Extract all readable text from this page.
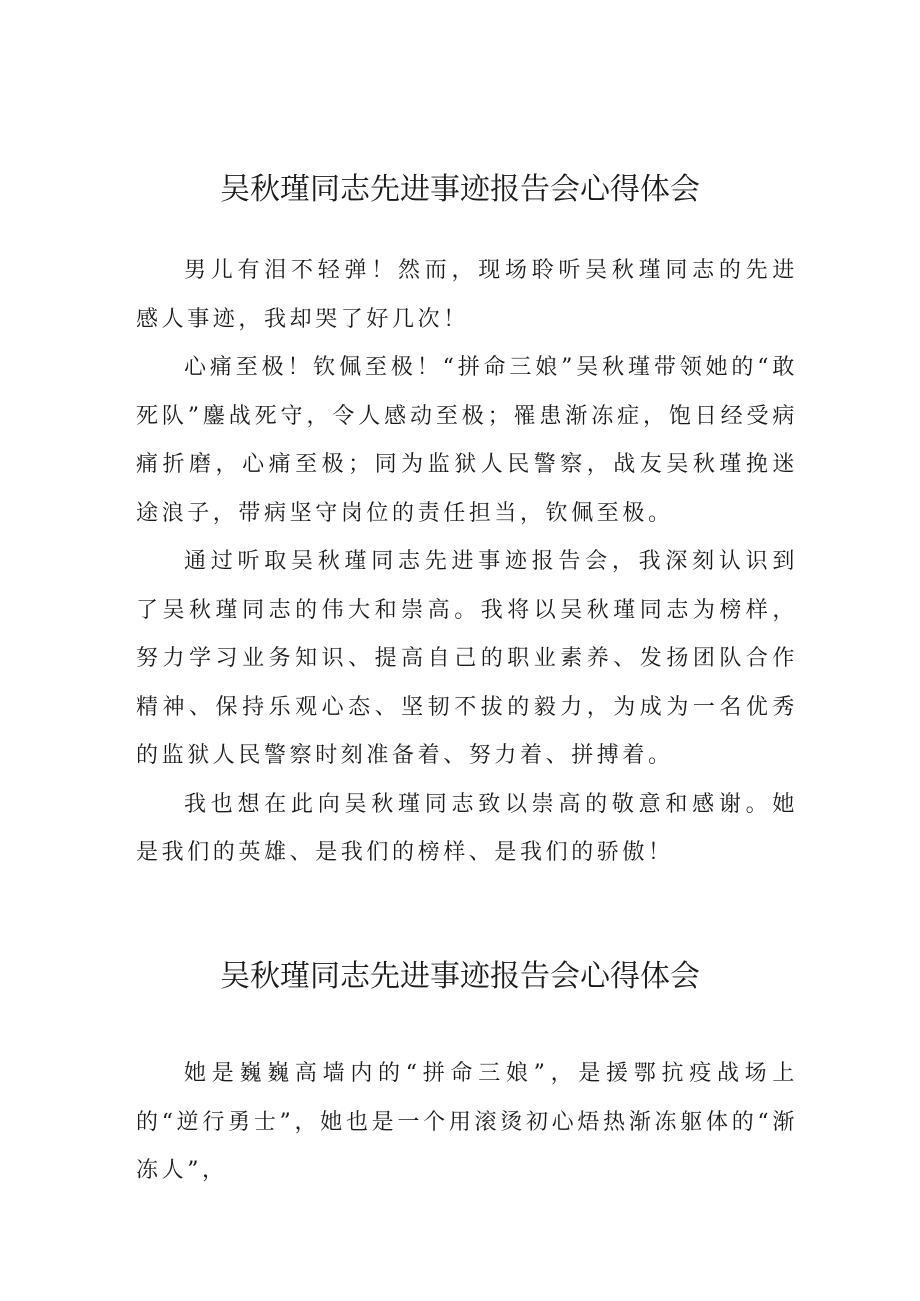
吴秋瑾同志先进事迹报告会心得体会

男儿有泪不轻弹！然而，现场聆听吴秋瑾同志的先进感人事迹，我却哭了好几次！

心痛至极！钦佩至极！“拼命三娘”吴秋瑾带领她的“敢死队”鏖战死守，令人感动至极；罹患渐冻症，饱日经受病痛折磨，心痛至极；同为监狱人民警察，战友吴秋瑾挽迷途浪子，带病坚守岗位的责任担当，钦佩至极。

通过听取吴秋瑾同志先进事迹报告会，我深刻认识到了吴秋瑾同志的伟大和崇高。我将以吴秋瑾同志为榜样，努力学习业务知识、提高自己的职业素养、发扬团队合作精神、保持乐观心态、坚韧不拔的毅力，为成为一名优秀的监狱人民警察时刻准备着、努力着、拼搏着。

我也想在此向吴秋瑾同志致以崇高的敬意和感谢。她是我们的英雄、是我们的榜样、是我们的骄傲！

吴秋瑾同志先进事迹报告会心得体会

她是巍巍高墙内的“拼命三娘”，是援鄂抗疫战场上的“逆行勇士”，她也是一个用滚烫初心焐热渐冻躯体的“渐冻人”，
